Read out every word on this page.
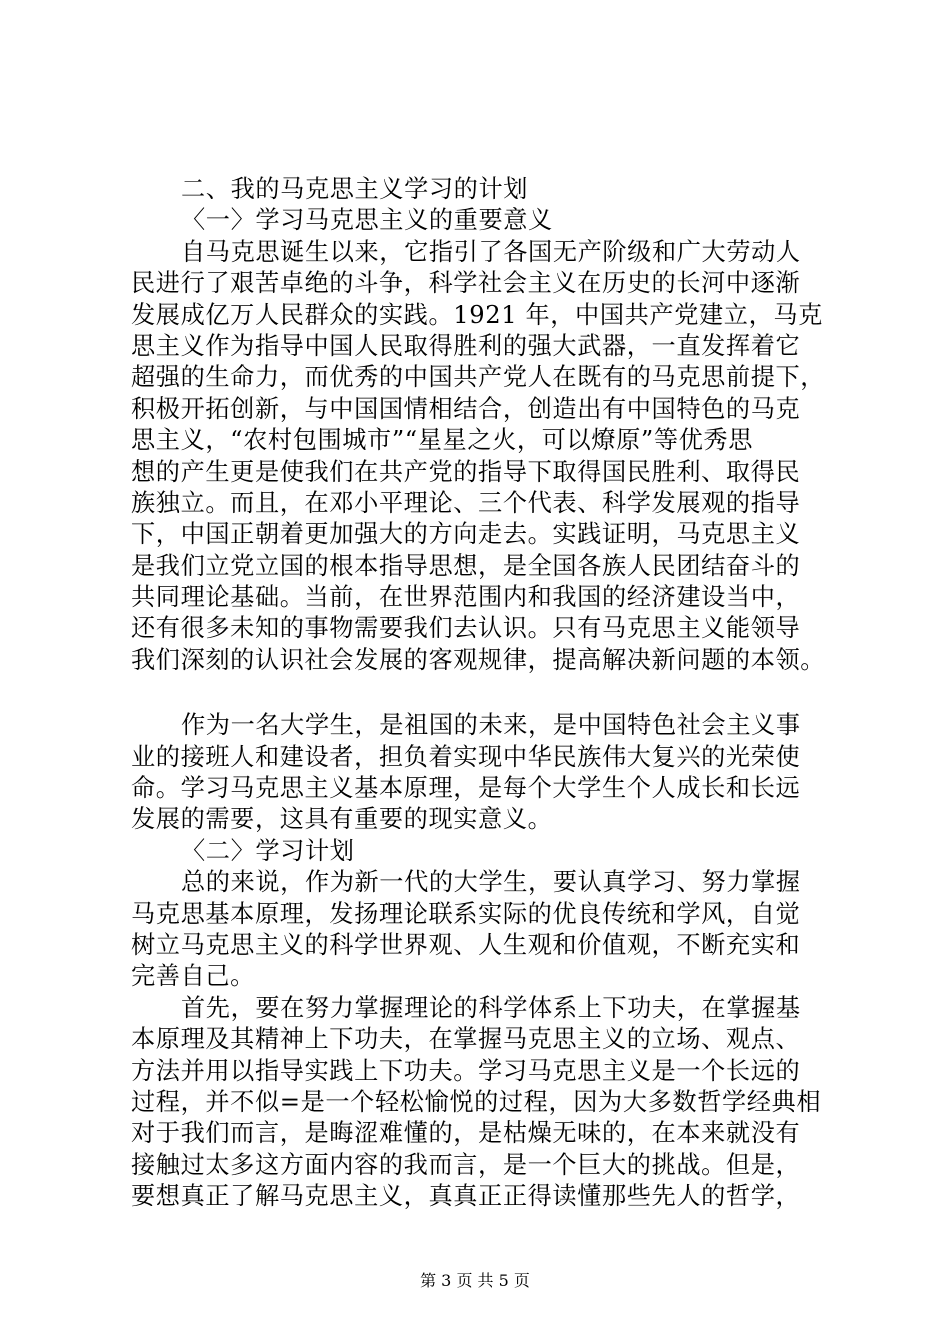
二、我的马克思主义学习的计划
〈一〉学习马克思主义的重要意义
自马克思诞生以来，它指引了各国无产阶级和广大劳动人
民进行了艰苦卓绝的斗争，科学社会主义在历史的长河中逐渐
发展成亿万人民群众的实践。1921 年，中国共产党建立，马克
思主义作为指导中国人民取得胜利的强大武器，一直发挥着它
超强的生命力，而优秀的中国共产党人在既有的马克思前提下，
积极开拓创新，与中国国情相结合，创造出有中国特色的马克
思主义，“农村包围城市”“星星之火，可以燎原”等优秀思
想的产生更是使我们在共产党的指导下取得国民胜利、取得民
族独立。而且，在邓小平理论、三个代表、科学发展观的指导
下，中国正朝着更加强大的方向走去。实践证明，马克思主义
是我们立党立国的根本指导思想，是全国各族人民团结奋斗的
共同理论基础。当前，在世界范围内和我国的经济建设当中，
还有很多未知的事物需要我们去认识。只有马克思主义能领导
我们深刻的认识社会发展的客观规律，提高解决新问题的本领。
作为一名大学生，是祖国的未来，是中国特色社会主义事
业的接班人和建设者，担负着实现中华民族伟大复兴的光荣使
命。学习马克思主义基本原理，是每个大学生个人成长和长远
发展的需要，这具有重要的现实意义。
〈二〉学习计划
总的来说，作为新一代的大学生，要认真学习、努力掌握
马克思基本原理，发扬理论联系实际的优良传统和学风，自觉
树立马克思主义的科学世界观、人生观和价值观，不断充实和
完善自己。
首先，要在努力掌握理论的科学体系上下功夫，在掌握基
本原理及其精神上下功夫，在掌握马克思主义的立场、观点、
方法并用以指导实践上下功夫。学习马克思主义是一个长远的
过程，并不似=是一个轻松愉悦的过程，因为大多数哲学经典相
对于我们而言，是晦涩难懂的，是枯燥无味的，在本来就没有
接触过太多这方面内容的我而言，是一个巨大的挑战。但是，
要想真正了解马克思主义，真真正正得读懂那些先人的哲学，
第 3 页 共 5 页
